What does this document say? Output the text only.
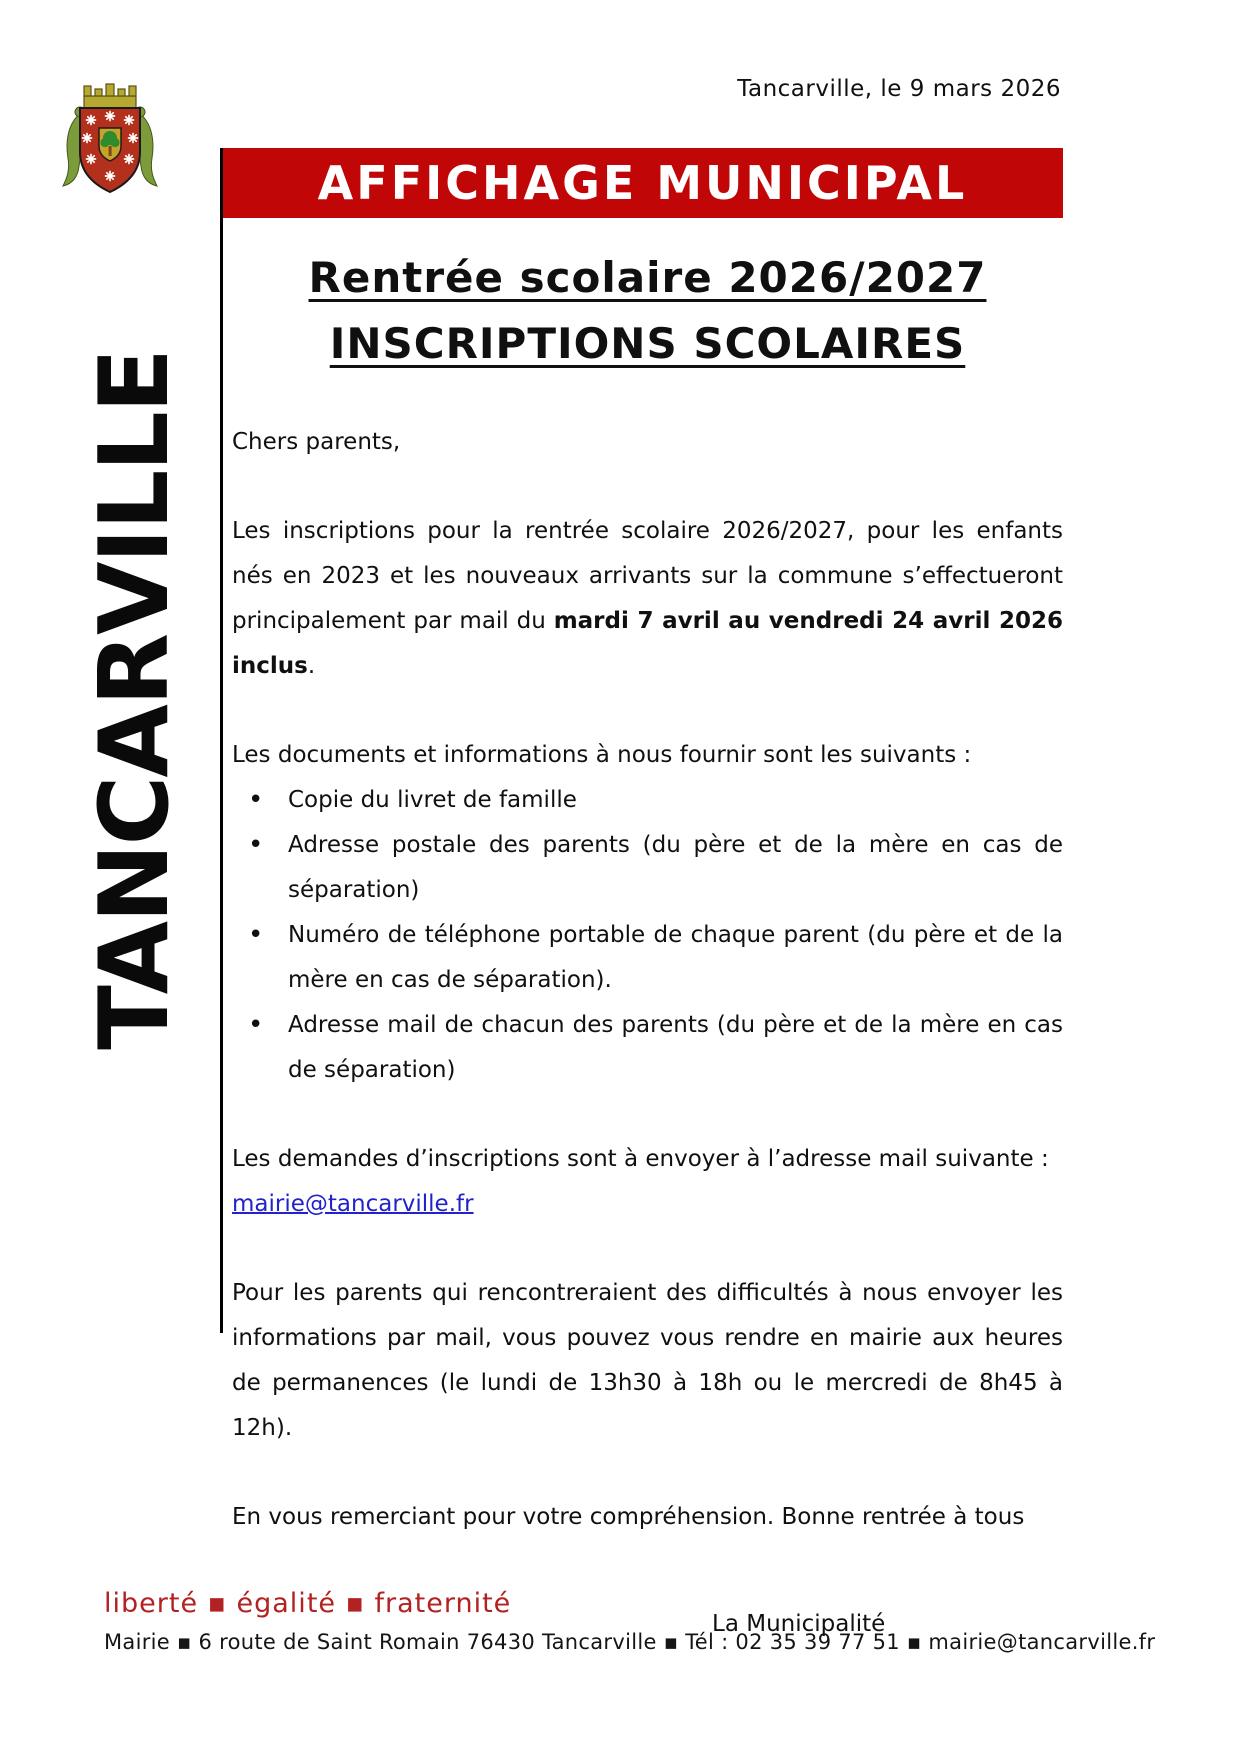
Tancarville, le 9 mars 2026
AFFICHAGE MUNICIPAL
TANCARVILLE
Rentrée scolaire 2026/2027
INSCRIPTIONS SCOLAIRES
Chers parents,

Les inscriptions pour la rentrée scolaire 2026/2027, pour les enfants nés en 2023 et les nouveaux arrivants sur la commune s’effectueront principalement par mail du mardi 7 avril au vendredi 24 avril 2026 inclus.

Les documents et informations à nous fournir sont les suivants :

• Copie du livret de famille
• Adresse postale des parents (du père et de la mère en cas de séparation)
• Numéro de téléphone portable de chaque parent (du père et de la mère en cas de séparation).
• Adresse mail de chacun des parents (du père et de la mère en cas de séparation)

Les demandes d’inscriptions sont à envoyer à l’adresse mail suivante :
mairie@tancarville.fr

Pour les parents qui rencontreraient des difficultés à nous envoyer les informations par mail, vous pouvez vous rendre en mairie aux heures de permanences (le lundi de 13h30 à 18h ou le mercredi de 8h45 à 12h).

En vous remerciant pour votre compréhension. Bonne rentrée à tous

La Municipalité
liberté ▪ égalité ▪ fraternité
Mairie ▪ 6 route de Saint Romain 76430 Tancarville ▪ Tél : 02 35 39 77 51 ▪ mairie@tancarville.fr
